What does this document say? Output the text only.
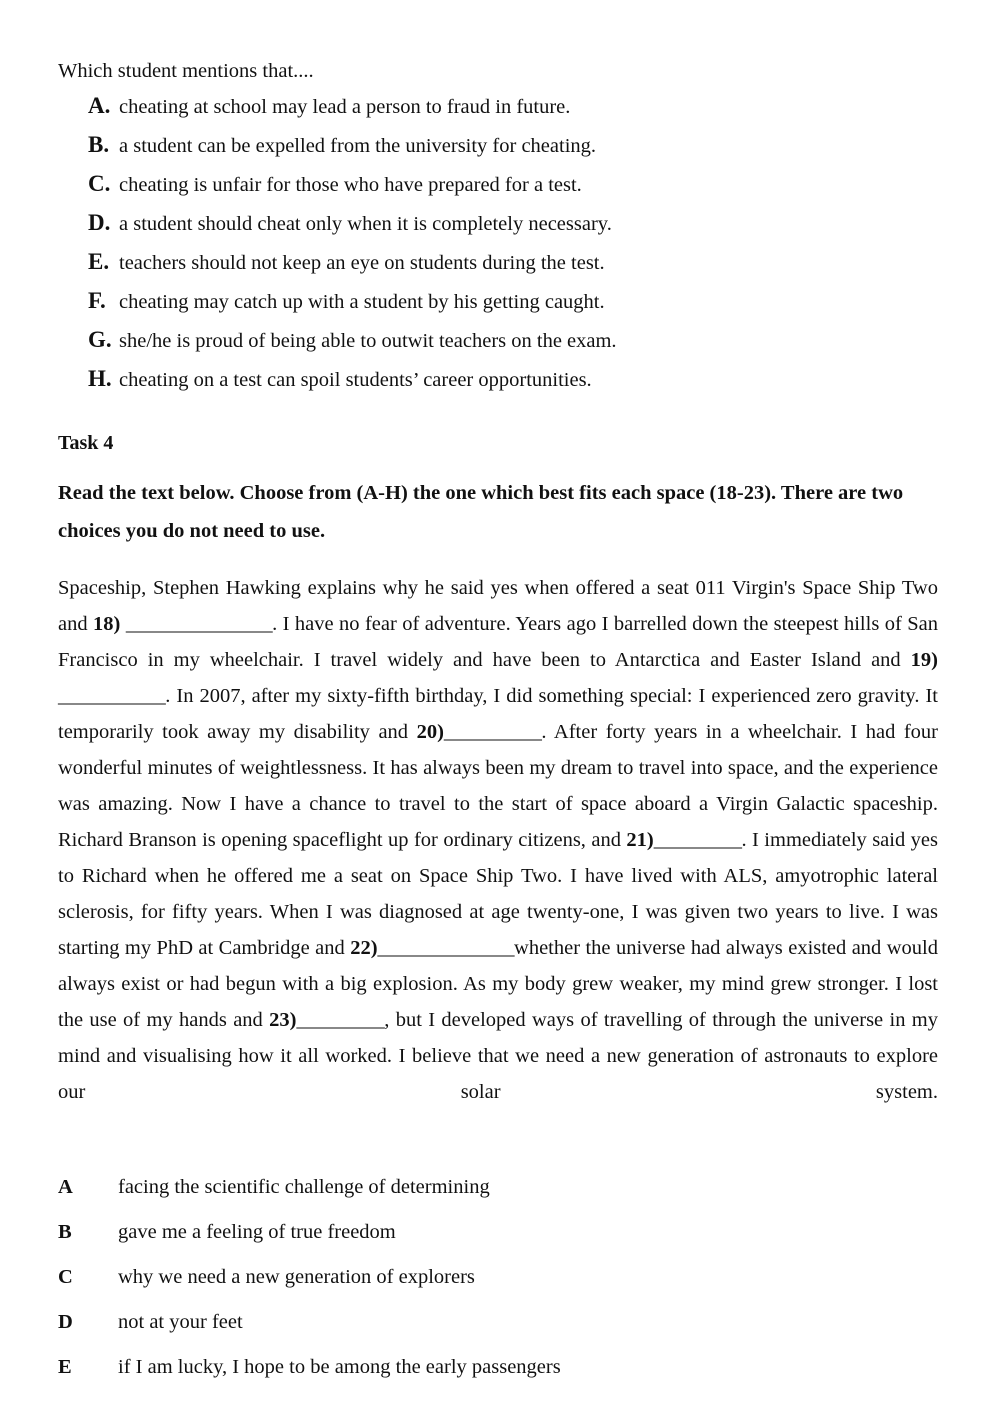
Which student mentions that....

A. cheating at school may lead a person to fraud in future.
B. a student can be expelled from the university for cheating.
C. cheating is unfair for those who have prepared for a test.
D. a student should cheat only when it is completely necessary.
E. teachers should not keep an eye on students during the test.
F. cheating may catch up with a student by his getting caught.
G. she/he is proud of being able to outwit teachers on the exam.
H. cheating on a test can spoil students’ career opportunities.

Task 4

Read the text below. Choose from (A-H) the one which best fits each space (18-23). There are two choices you do not need to use.

Spaceship, Stephen Hawking explains why he said yes when offered a seat 011 Virgin's Space Ship Two and 18) _______________. I have no fear of adventure. Years ago I barrelled down the steepest hills of San Francisco in my wheelchair. I travel widely and have been to Antarctica and Easter Island and 19) ___________. In 2007, after my sixty-fifth birthday, I did something special: I experienced zero gravity. It temporarily took away my disability and 20)__________. After forty years in a wheelchair. I had four wonderful minutes of weightlessness. It has always been my dream to travel into space, and the experience was amazing. Now I have a chance to travel to the start of space aboard a Virgin Galactic spaceship. Richard Branson is opening spaceflight up for ordinary citizens, and 21)_________. I immediately said yes to Richard when he offered me a seat on Space Ship Two. I have lived with ALS, amyotrophic lateral sclerosis, for fifty years. When I was diagnosed at age twenty-one, I was given two years to live. I was starting my PhD at Cambridge and 22)______________whether the universe had always existed and would always exist or had begun with a big explosion. As my body grew weaker, my mind grew stronger. I lost the use of my hands and 23)_________, but I developed ways of travelling of through the universe in my mind and visualising how it all worked. I believe that we need a new generation of astronauts to explore our solar system.

A	facing the scientific challenge of determining
B	gave me a feeling of true freedom
C	why we need a new generation of explorers
D	not at your feet
E	if I am lucky, I hope to be among the early passengers
